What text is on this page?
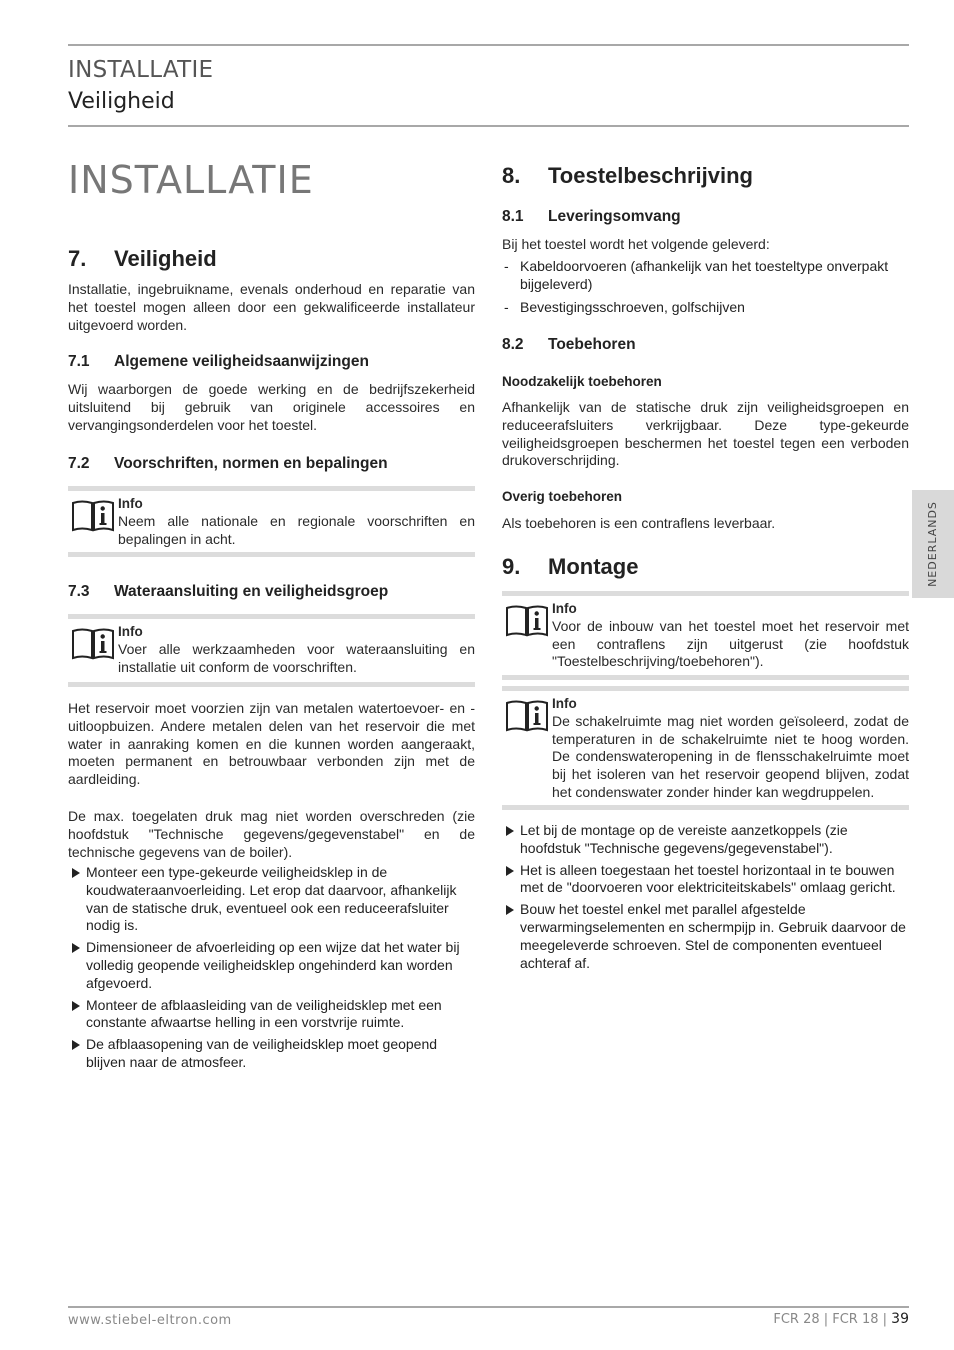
INSTALLATIE
Veiligheid
INSTALLATIE
NEDERLANDS
7. Veiligheid
Installatie, ingebruikname, evenals onderhoud en reparatie van het toestel mogen alleen door een gekwalificeerde installateur uitgevoerd worden.
7.1 Algemene veiligheidsaanwijzingen
Wij waarborgen de goede werking en de bedrijfszekerheid uitsluitend bij gebruik van originele accessoires en vervangingsonderdelen voor het toestel.
7.2 Voorschriften, normen en bepalingen
Info
Neem alle nationale en regionale voorschriften en bepalingen in acht.
7.3 Wateraansluiting en veiligheidsgroep
Info
Voer alle werkzaamheden voor wateraansluiting en installatie uit conform de voorschriften.
Het reservoir moet voorzien zijn van metalen watertoevoer- en -uitloopbuizen. Andere metalen delen van het reservoir die met water in aanraking komen en die kunnen worden aangeraakt, moeten permanent en betrouwbaar verbonden zijn met de aardleiding.
De max. toegelaten druk mag niet worden overschreden (zie hoofdstuk "Technische gegevens/gegevenstabel" en de technische gegevens van de boiler).
Monteer een type-gekeurde veiligheidsklep in de koudwateraanvoerleiding. Let erop dat daarvoor, afhankelijk van de statische druk, eventueel ook een reduceerafsluiter nodig is.
Dimensioneer de afvoerleiding op een wijze dat het water bij volledig geopende veiligheidsklep ongehinderd kan worden afgevoerd.
Monteer de afblaasleiding van de veiligheidsklep met een constante afwaartse helling in een vorstvrije ruimte.
De afblaasopening van de veiligheidsklep moet geopend blijven naar de atmosfeer.
8. Toestelbeschrijving
8.1 Leveringsomvang
Bij het toestel wordt het volgende geleverd:
- Kabeldoorvoeren (afhankelijk van het toesteltype onverpakt bijgeleverd)
- Bevestigingsschroeven, golfschijven
8.2 Toebehoren
Noodzakelijk toebehoren
Afhankelijk van de statische druk zijn veiligheidsgroepen en reduceerafsluiters verkrijgbaar. Deze type-gekeurde veiligheidsgroepen beschermen het toestel tegen een verboden drukoverschrijding.
Overig toebehoren
Als toebehoren is een contraflens leverbaar.
9. Montage
Info
Voor de inbouw van het toestel moet het reservoir met een contraflens zijn uitgerust (zie hoofdstuk "Toestelbeschrijving/toebehoren").
Info
De schakelruimte mag niet worden geïsoleerd, zodat de temperaturen in de schakelruimte niet te hoog worden. De condenswateropening in de flensschakelruimte moet bij het isoleren van het reservoir geopend blijven, zodat het condenswater zonder hinder kan wegdruppelen.
Let bij de montage op de vereiste aanzetkoppels (zie hoofdstuk "Technische gegevens/gegevenstabel").
Het is alleen toegestaan het toestel horizontaal in te bouwen met de "doorvoeren voor elektriciteitskabels" omlaag gericht.
Bouw het toestel enkel met parallel afgestelde verwarmingselementen en schermpijp in. Gebruik daarvoor de meegeleverde schroeven. Stel de componenten eventueel achteraf af.
www.stiebel-eltron.com	FCR 28 | FCR 18 | 39
